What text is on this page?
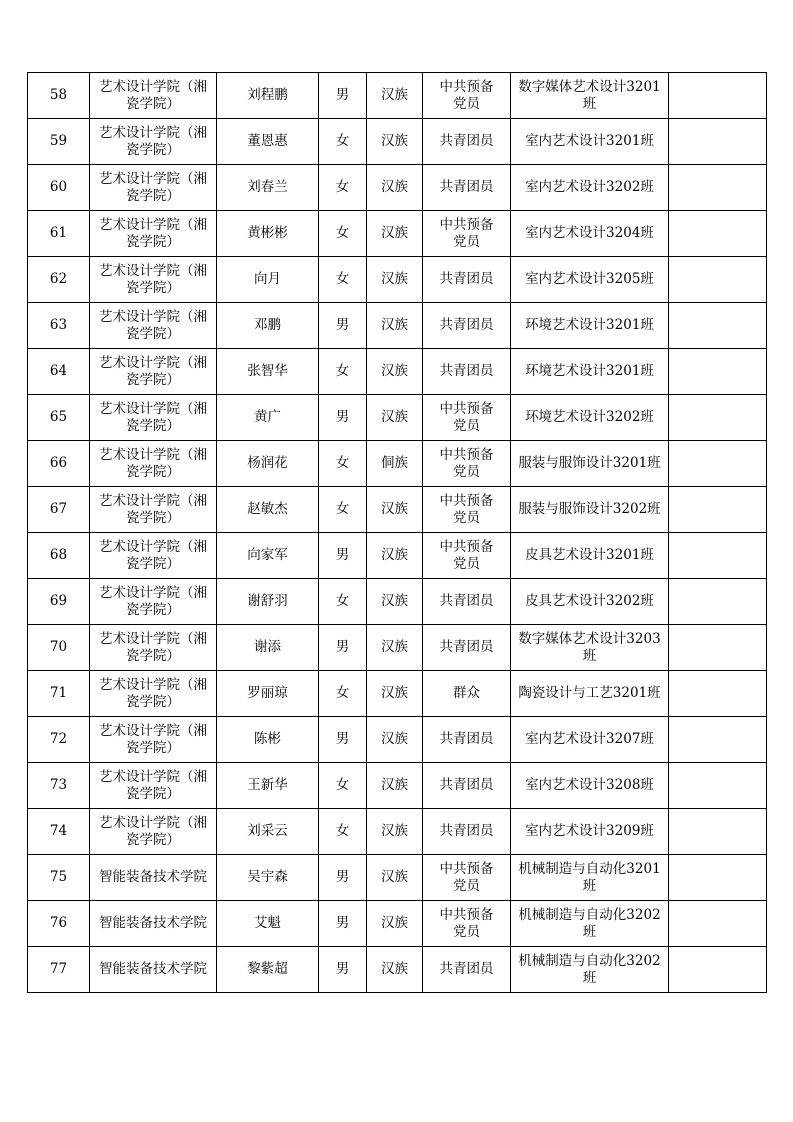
58	艺术设计学院（湘瓷学院）	刘程鹏	男	汉族	中共预备党员	数字媒体艺术设计3201班	
59	艺术设计学院（湘瓷学院）	董恩惠	女	汉族	共青团员	室内艺术设计3201班	
60	艺术设计学院（湘瓷学院）	刘春兰	女	汉族	共青团员	室内艺术设计3202班	
61	艺术设计学院（湘瓷学院）	黄彬彬	女	汉族	中共预备党员	室内艺术设计3204班	
62	艺术设计学院（湘瓷学院）	向月	女	汉族	共青团员	室内艺术设计3205班	
63	艺术设计学院（湘瓷学院）	邓鹏	男	汉族	共青团员	环境艺术设计3201班	
64	艺术设计学院（湘瓷学院）	张智华	女	汉族	共青团员	环境艺术设计3201班	
65	艺术设计学院（湘瓷学院）	黄广	男	汉族	中共预备党员	环境艺术设计3202班	
66	艺术设计学院（湘瓷学院）	杨润花	女	侗族	中共预备党员	服装与服饰设计3201班	
67	艺术设计学院（湘瓷学院）	赵敏杰	女	汉族	中共预备党员	服装与服饰设计3202班	
68	艺术设计学院（湘瓷学院）	向家军	男	汉族	中共预备党员	皮具艺术设计3201班	
69	艺术设计学院（湘瓷学院）	谢舒羽	女	汉族	共青团员	皮具艺术设计3202班	
70	艺术设计学院（湘瓷学院）	谢添	男	汉族	共青团员	数字媒体艺术设计3203班	
71	艺术设计学院（湘瓷学院）	罗丽琼	女	汉族	群众	陶瓷设计与工艺3201班	
72	艺术设计学院（湘瓷学院）	陈彬	男	汉族	共青团员	室内艺术设计3207班	
73	艺术设计学院（湘瓷学院）	王新华	女	汉族	共青团员	室内艺术设计3208班	
74	艺术设计学院（湘瓷学院）	刘采云	女	汉族	共青团员	室内艺术设计3209班	
75	智能装备技术学院	吴宇森	男	汉族	中共预备党员	机械制造与自动化3201班	
76	智能装备技术学院	艾魁	男	汉族	中共预备党员	机械制造与自动化3202班	
77	智能装备技术学院	黎紫超	男	汉族	共青团员	机械制造与自动化3202班	
